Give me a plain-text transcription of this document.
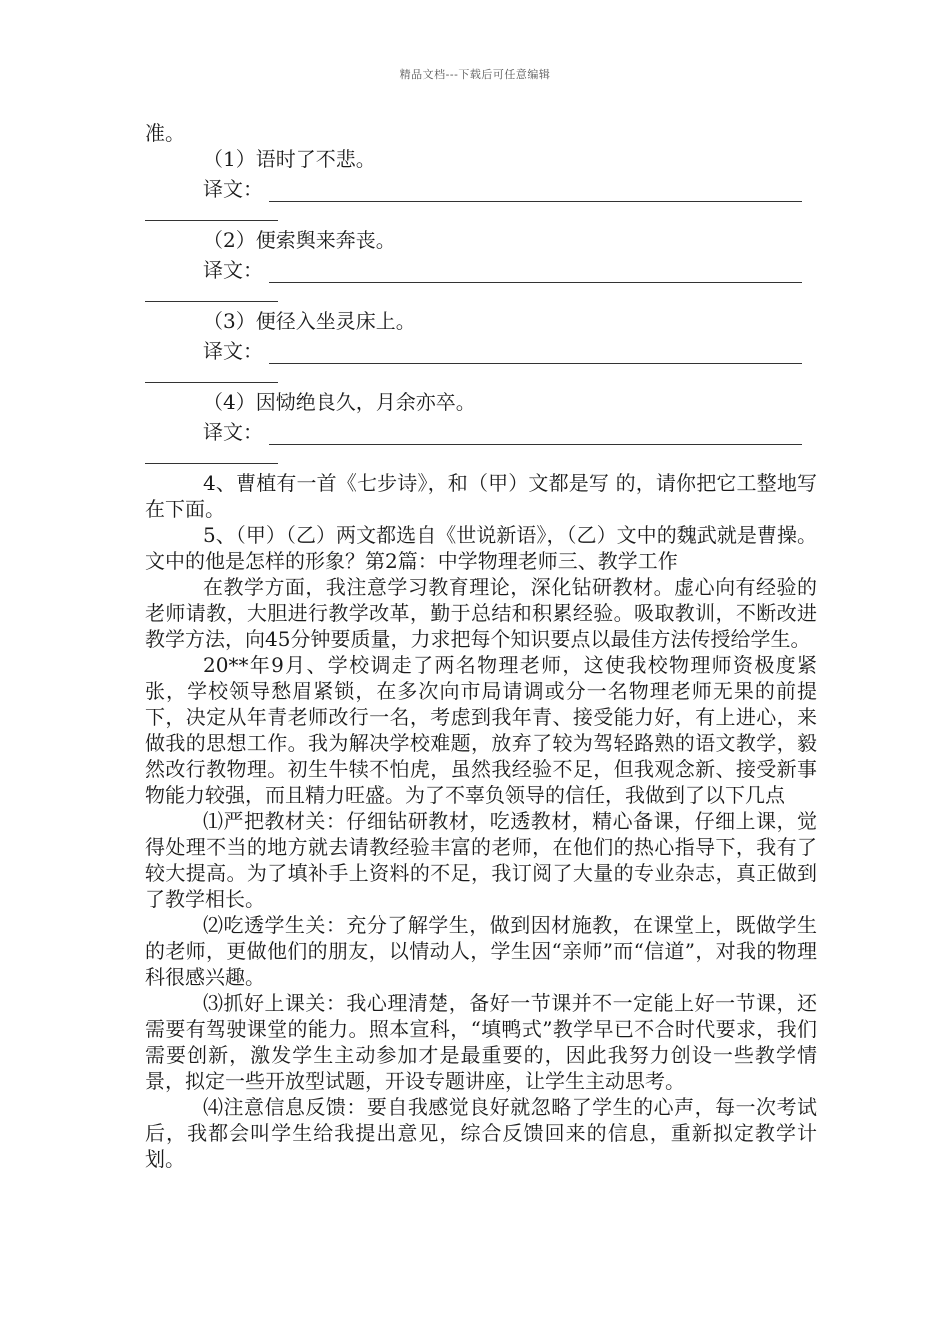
精品文档---下载后可任意编辑
准。
（1）语时了不悲。
译文：
（2）便索舆来奔丧。
译文：
（3）便径入坐灵床上。
译文：
（4）因恸绝良久，月余亦卒。
译文：
4、曹植有一首《七步诗》，和（甲）文都是写 的，请你把它工整地写在下面。
5、（甲）（乙）两文都选自《世说新语》，（乙）文中的魏武就是曹操。文中的他是怎样的形象？第2篇：中学物理老师三、教学工作
在教学方面，我注意学习教育理论，深化钻研教材。虚心向有经验的老师请教，大胆进行教学改革，勤于总结和积累经验。吸取教训，不断改进教学方法，向45分钟要质量，力求把每个知识要点以最佳方法传授给学生。
20**年9月、学校调走了两名物理老师，这使我校物理师资极度紧张，学校领导愁眉紧锁，在多次向市局请调或分一名物理老师无果的前提下，决定从年青老师改行一名，考虑到我年青、接受能力好，有上进心，来做我的思想工作。我为解决学校难题，放弃了较为驾轻路熟的语文教学，毅然改行教物理。初生牛犊不怕虎，虽然我经验不足，但我观念新、接受新事物能力较强，而且精力旺盛。为了不辜负领导的信任，我做到了以下几点
⑴严把教材关：仔细钻研教材，吃透教材，精心备课，仔细上课，觉得处理不当的地方就去请教经验丰富的老师，在他们的热心指导下，我有了较大提高。为了填补手上资料的不足，我订阅了大量的专业杂志，真正做到了教学相长。
⑵吃透学生关：充分了解学生，做到因材施教，在课堂上，既做学生的老师，更做他们的朋友，以情动人，学生因“亲师”而“信道”，对我的物理科很感兴趣。
⑶抓好上课关：我心理清楚，备好一节课并不一定能上好一节课，还需要有驾驶课堂的能力。照本宣科，“填鸭式”教学早已不合时代要求，我们需要创新，激发学生主动参加才是最重要的，因此我努力创设一些教学情景，拟定一些开放型试题，开设专题讲座，让学生主动思考。
⑷注意信息反馈：要自我感觉良好就忽略了学生的心声，每一次考试后，我都会叫学生给我提出意见，综合反馈回来的信息，重新拟定教学计划。
